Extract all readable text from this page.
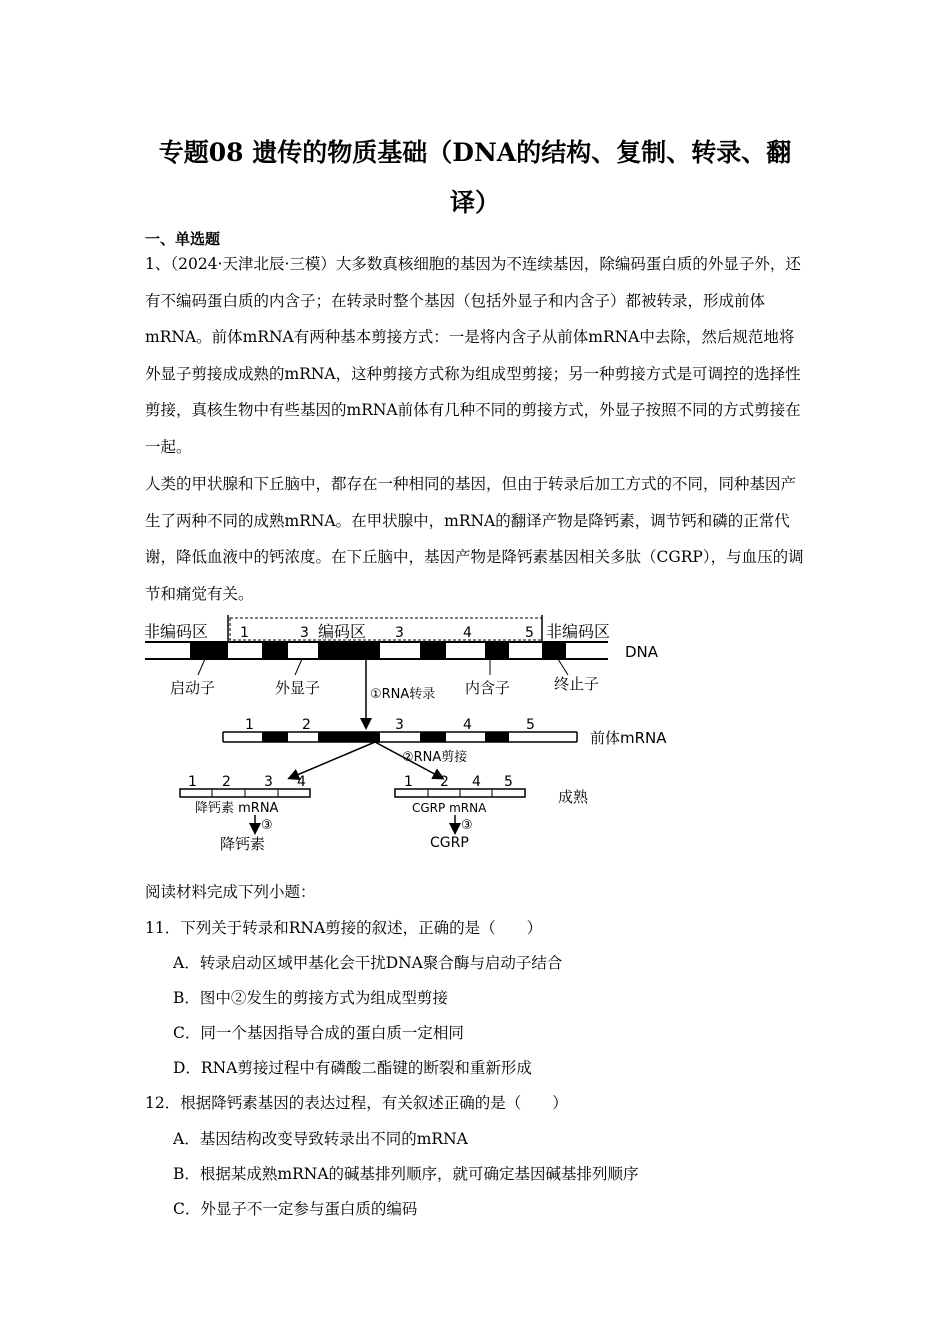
专题08 遗传的物质基础（DNA的结构、复制、转录、翻
译）
一、单选题
1、（2024·天津北辰·三模）大多数真核细胞的基因为不连续基因，除编码蛋白质的外显子外，还有不编码蛋白质的内含子；在转录时整个基因（包括外显子和内含子）都被转录，形成前体mRNA。前体mRNA有两种基本剪接方式：一是将内含子从前体mRNA中去除，然后规范地将外显子剪接成成熟的mRNA，这种剪接方式称为组成型剪接；另一种剪接方式是可调控的选择性剪接，真核生物中有些基因的mRNA前体有几种不同的剪接方式，外显子按照不同的方式剪接在一起。
人类的甲状腺和下丘脑中，都存在一种相同的基因，但由于转录后加工方式的不同，同种基因产生了两种不同的成熟mRNA。在甲状腺中，mRNA的翻译产物是降钙素，调节钙和磷的正常代谢，降低血液中的钙浓度。在下丘脑中，基因产物是降钙素基因相关多肽（CGRP），与血压的调节和痛觉有关。
非编码区	编码区	非编码区
DNA
1	3	3	4	5
启动子	外显子	内含子	终止子
①RNA转录
1	2	3	4	5
前体mRNA
②RNA剪接
1 2 3 4
降钙素 mRNA
1 2 4 5
CGRP mRNA
成熟
③	③
降钙素	CGRP
阅读材料完成下列小题：
11．下列关于转录和RNA剪接的叙述，正确的是（　　）
A．转录启动区域甲基化会干扰DNA聚合酶与启动子结合
B．图中②发生的剪接方式为组成型剪接
C．同一个基因指导合成的蛋白质一定相同
D．RNA剪接过程中有磷酸二酯键的断裂和重新形成
12．根据降钙素基因的表达过程，有关叙述正确的是（　　）
A．基因结构改变导致转录出不同的mRNA
B．根据某成熟mRNA的碱基排列顺序，就可确定基因碱基排列顺序
C．外显子不一定参与蛋白质的编码
